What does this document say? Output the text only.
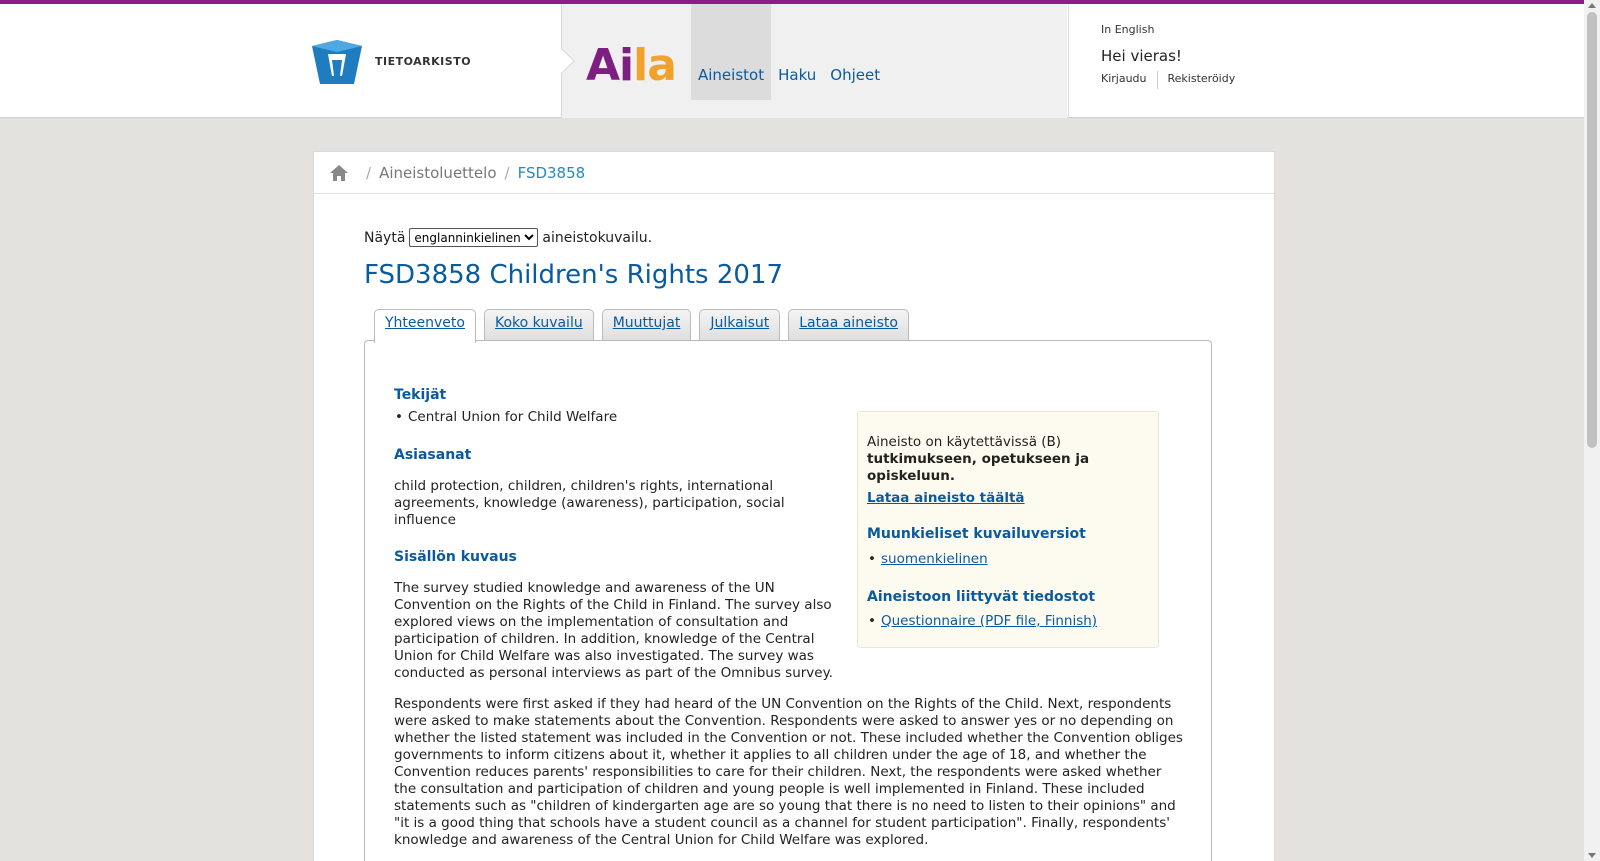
TIETOARKISTO	Aila	Aineistot Haku Ohjeet
In English
Hei vieras!
Kirjaudu Rekisteröidy
/ Aineistoluettelo / FSD3858
Näytä
englanninkielinen	aineistokuvailu.
FSD3858 Children's Rights 2017
Yhteenveto	Koko kuvailu	Muuttujat	Julkaisut	Lataa aineisto
Tekijät
• Central Union for Child Welfare
Asiasanat

child protection, children, children's rights, international agreements, knowledge (awareness), participation, social influence

Sisällön kuvaus

The survey studied knowledge and awareness of the UN Convention on the Rights of the Child in Finland. The survey also explored views on the implementation of consultation and participation of children. In addition, knowledge of the Central Union for Child Welfare was also investigated. The survey was conducted as personal interviews as part of the Omnibus survey.

Aineisto on käytettävissä (B) tutkimukseen, opetukseen ja opiskeluun.

Lataa aineisto täältä
Muunkieliset kuvailuversiot
• suomenkielinen
Aineistoon liittyvät tiedostot
• Questionnaire (PDF file, Finnish)

Respondents were first asked if they had heard of the UN Convention on the Rights of the Child. Next, respondents were asked to make statements about the Convention. Respondents were asked to answer yes or no depending on whether the listed statement was included in the Convention or not. These included whether the Convention obliges governments to inform citizens about it, whether it applies to all children under the age of 18, and whether the Convention reduces parents' responsibilities to care for their children. Next, the respondents were asked whether the consultation and participation of children and young people is well implemented in Finland. These included statements such as "children of kindergarten age are so young that there is no need to listen to their opinions" and "it is a good thing that schools have a student council as a channel for student participation". Finally, respondents' knowledge and awareness of the Central Union for Child Welfare was explored.
